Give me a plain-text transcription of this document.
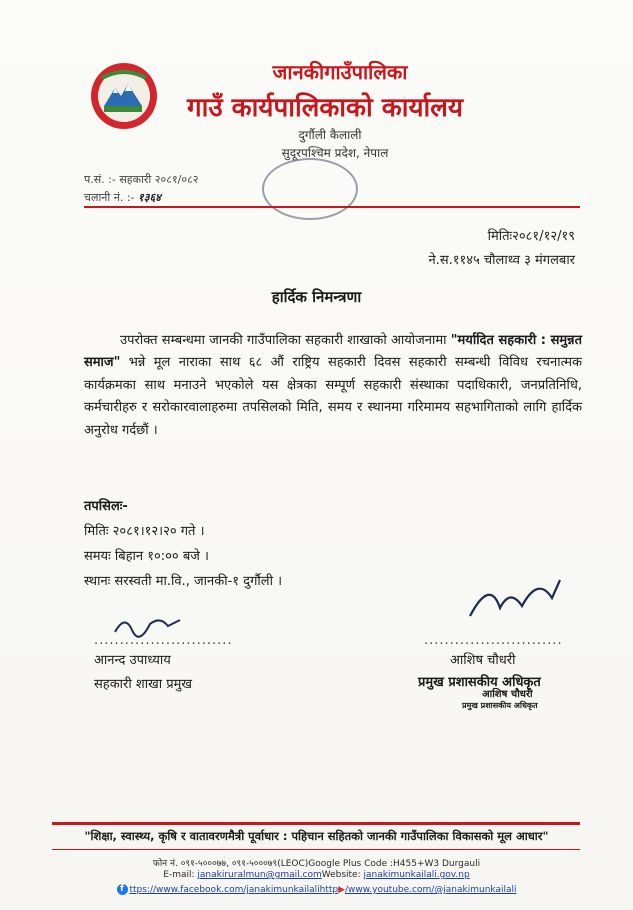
जानकीगाउँपालिका
गाउँ कार्यपालिकाको कार्यालय
दुर्गौली कैलाली
सुदूरपश्चिम प्रदेश, नेपाल
प.सं. :- सहकारी २०८१/०८२
चलानी नं. :- १३६४
मितिः२०८१/१२/१९
ने.स.११४५ चौलाथ्व ३ मंगलबार
हार्दिक निमन्त्रणा
उपरोक्त सम्बन्धमा जानकी गाउँपालिका सहकारी शाखाको आयोजनामा "मर्यादित सहकारी : समुन्नत समाज" भन्ने मूल नाराका साथ ६८ औं राष्ट्रिय सहकारी दिवस सहकारी सम्बन्धी विविध रचनात्मक कार्यक्रमका साथ मनाउने भएकोले यस क्षेत्रका सम्पूर्ण सहकारी संस्थाका पदाधिकारी, जनप्रतिनिधि, कर्मचारीहरु र सरोकारवालाहरुमा तपसिलको मिति, समय र स्थानमा गरिमामय सहभागिताको लागि हार्दिक अनुरोध गर्दछौं ।
तपसिलः-
मितिः २०८१।१२।२० गते ।
समयः बिहान १०:०० बजे ।
स्थानः सरस्वती मा.वि., जानकी-१ दुर्गौली ।
...........................
आनन्द उपाध्याय
सहकारी शाखा प्रमुख
...........................
आशिष चौधरी
प्रमुख प्रशासकीय अधिकृत
आशिष चौधरी
प्रमुख प्रशासकीय अधिकृत
"शिक्षा, स्वास्थ्य, कृषि र वातावरणमैत्री पूर्वाधार : पहिचान सहितको जानकी गाउँपालिका विकासको मूल आधार"
फोन नं. ०९१-५०००७७, ०९१-५०००७९(LEOC)Google Plus Code :H455+W3 Durgauli
E-mail: janakiruralmun@gmail.comWebsite: janakimunkailali.gov.np
f ttps://www.facebook.com/janakimunkailalihttp▶/www.youtube.com/@janakimunkailali
